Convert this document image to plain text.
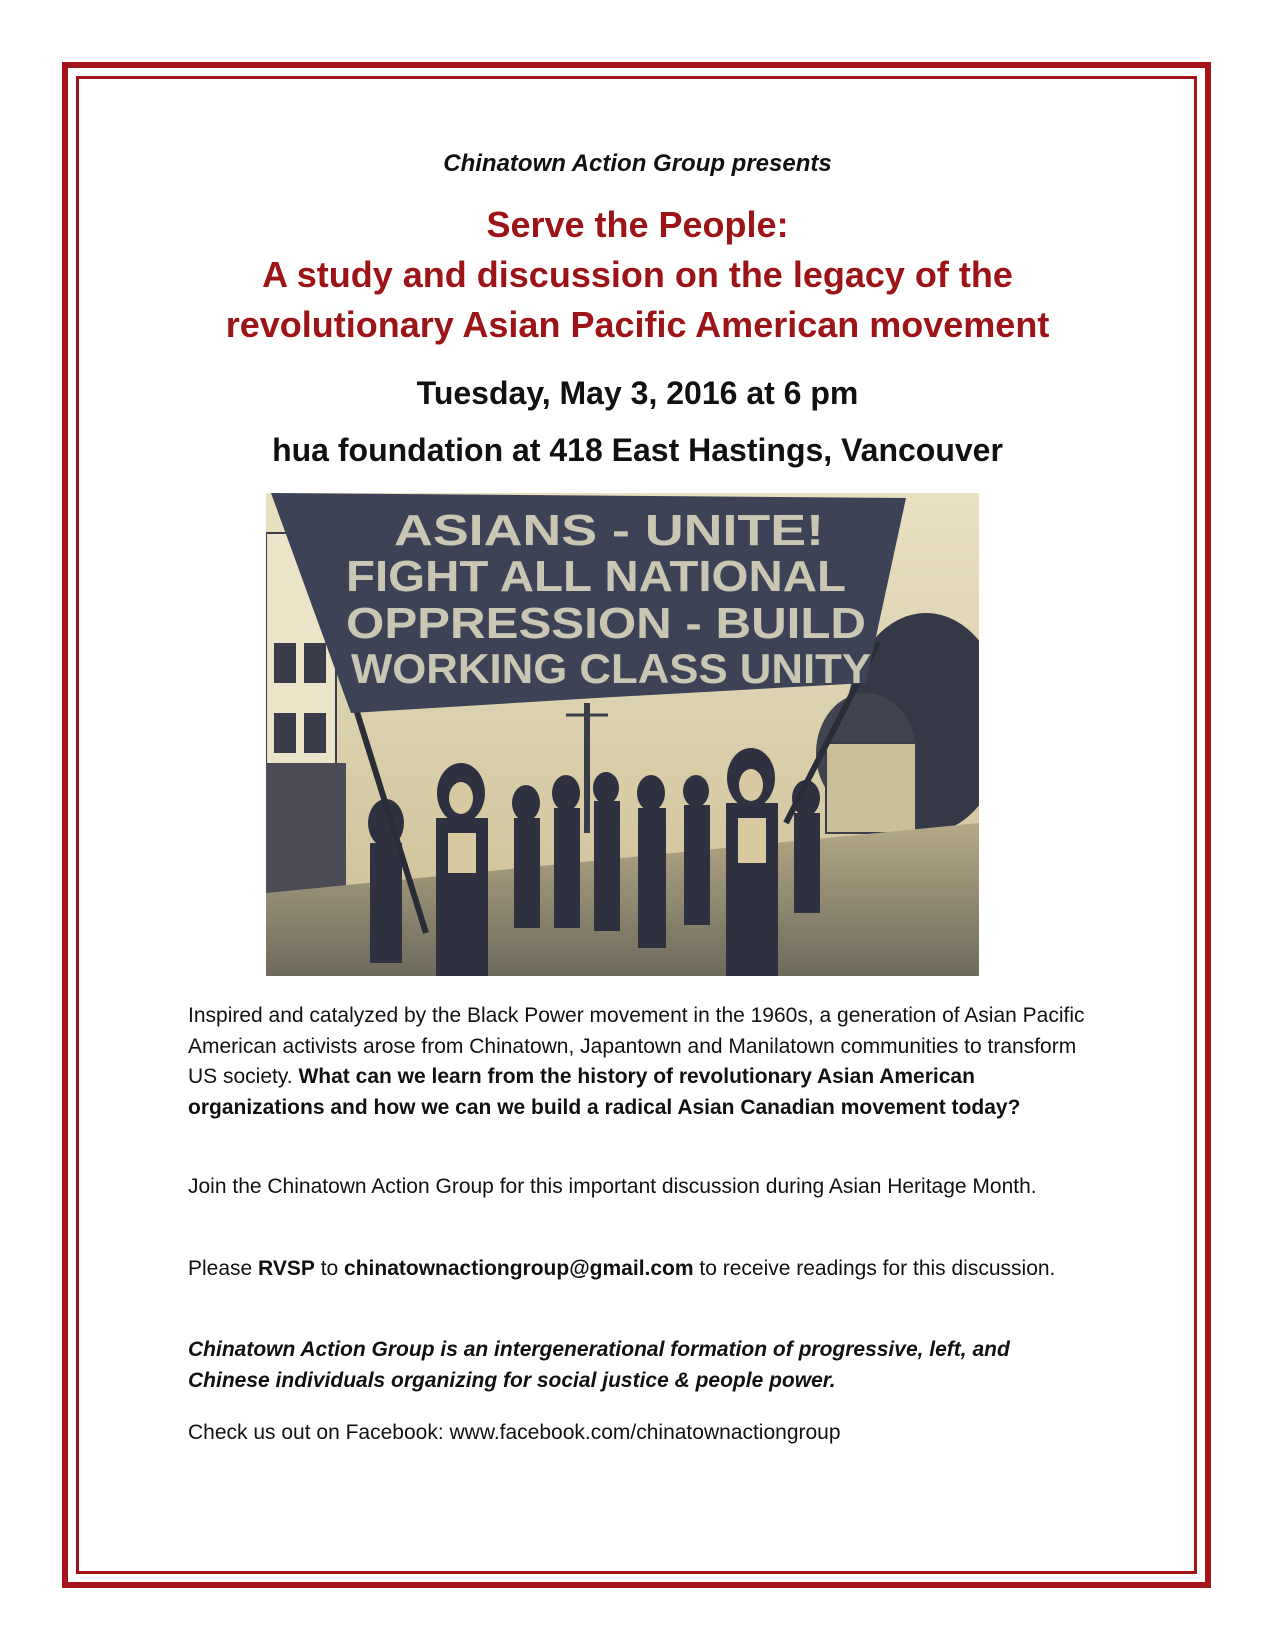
Chinatown Action Group presents
Serve the People:
A study and discussion on the legacy of the
revolutionary Asian Pacific American movement
Tuesday, May 3, 2016 at 6 pm
hua foundation at 418 East Hastings, Vancouver
ASIANS - UNITE!
FIGHT ALL NATIONAL
OPPRESSION - BUILD
WORKING CLASS UNITY
Inspired and catalyzed by the Black Power movement in the 1960s, a generation of Asian Pacific American activists arose from Chinatown, Japantown and Manilatown communities to transform US society. What can we learn from the history of revolutionary Asian American organizations and how we can we build a radical Asian Canadian movement today?
Join the Chinatown Action Group for this important discussion during Asian Heritage Month.
Please RVSP to chinatownactiongroup@gmail.com to receive readings for this discussion.
Chinatown Action Group is an intergenerational formation of progressive, left, and Chinese individuals organizing for social justice & people power.
Check us out on Facebook: www.facebook.com/chinatownactiongroup
